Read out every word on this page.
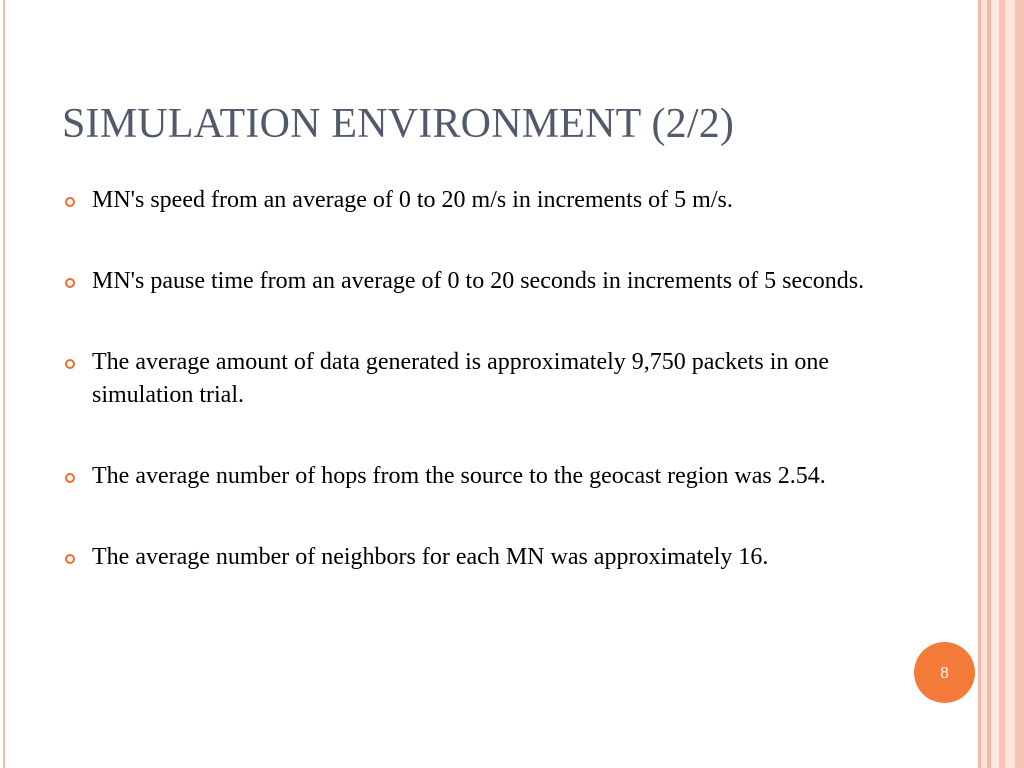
SIMULATION ENVIRONMENT (2/2)
MN's speed from an average of 0 to 20 m/s in increments of 5 m/s.
MN's pause time from an average of 0 to 20 seconds in increments of 5 seconds.
The average amount of data generated is approximately 9,750 packets in one simulation trial.
The average number of hops from the source to the geocast region was 2.54.
The average number of neighbors for each MN was approximately 16.
8
